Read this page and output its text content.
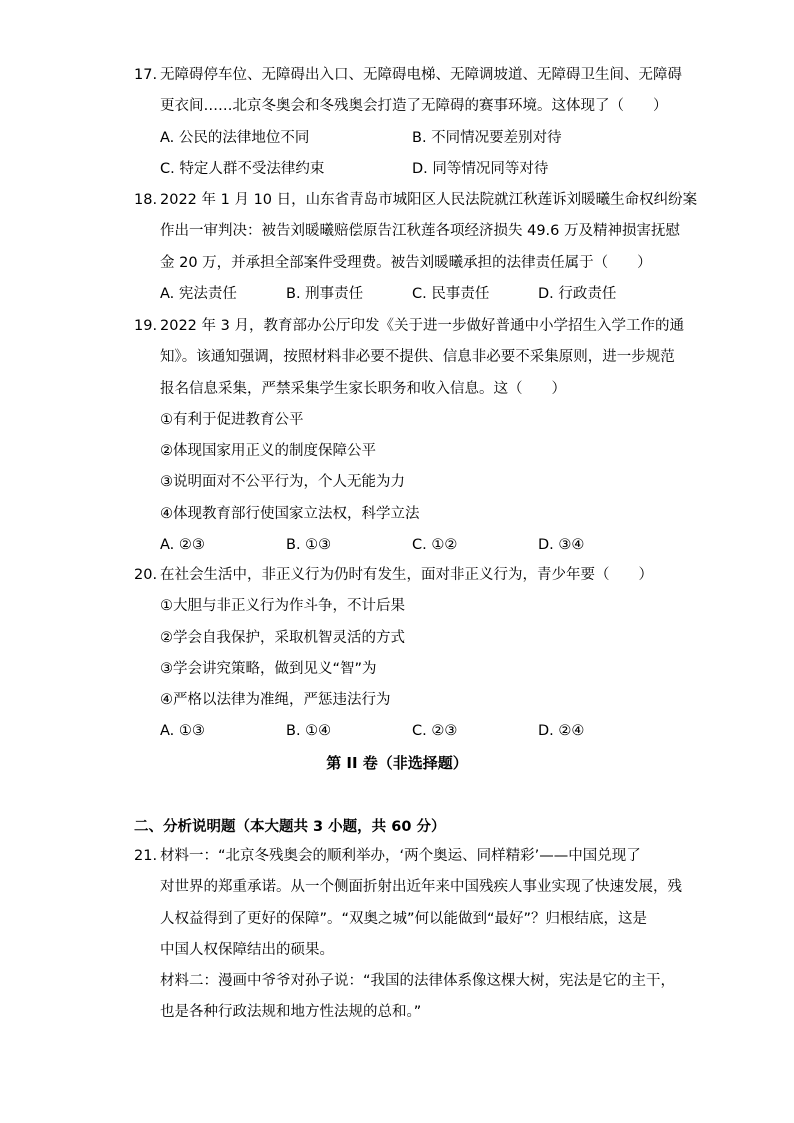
17. 无障碍停车位、无障碍出入口、无障碍电梯、无障调坡道、无障碍卫生间、无障碍
更衣间……北京冬奥会和冬残奥会打造了无障碍的赛事环境。这体现了（　　）
A. 公民的法律地位不同	B. 不同情况要差别对待
C. 特定人群不受法律约束	D. 同等情况同等对待
18. 2022 年 1 月 10 日，山东省青岛市城阳区人民法院就江秋莲诉刘暖曦生命权纠纷案
作出一审判决：被告刘暖曦赔偿原告江秋莲各项经济损失 49.6 万及精神损害抚慰
金 20 万，并承担全部案件受理费。被告刘暖曦承担的法律责任属于（　　）
A. 宪法责任	B. 刑事责任	C. 民事责任	D. 行政责任
19. 2022 年 3 月，教育部办公厅印发《关于进一步做好普通中小学招生入学工作的通
知》。该通知强调，按照材料非必要不提供、信息非必要不采集原则，进一步规范
报名信息采集，严禁采集学生家长职务和收入信息。这（　　）
①有利于促进教育公平
②体现国家用正义的制度保障公平
③说明面对不公平行为，个人无能为力
④体现教育部行使国家立法权，科学立法
A. ②③	B. ①③	C. ①②	D. ③④
20. 在社会生活中，非正义行为仍时有发生，面对非正义行为，青少年要（　　）
①大胆与非正义行为作斗争，不计后果
②学会自我保护，采取机智灵活的方式
③学会讲究策略，做到见义“智”为
④严格以法律为准绳，严惩违法行为
A. ①③	B. ①④	C. ②③	D. ②④
第 II 卷（非选择题）
二、分析说明题（本大题共 3 小题，共 60 分）
21. 材料一：“北京冬残奥会的顺利举办，‘两个奥运、同样精彩’——中国兑现了
对世界的郑重承诺。从一个侧面折射出近年来中国残疾人事业实现了快速发展，残
人权益得到了更好的保障”。“双奥之城”何以能做到“最好”？归根结底，这是
中国人权保障结出的硕果。
材料二：漫画中爷爷对孙子说：“我国的法律体系像这棵大树，宪法是它的主干，
也是各种行政法规和地方性法规的总和。”
